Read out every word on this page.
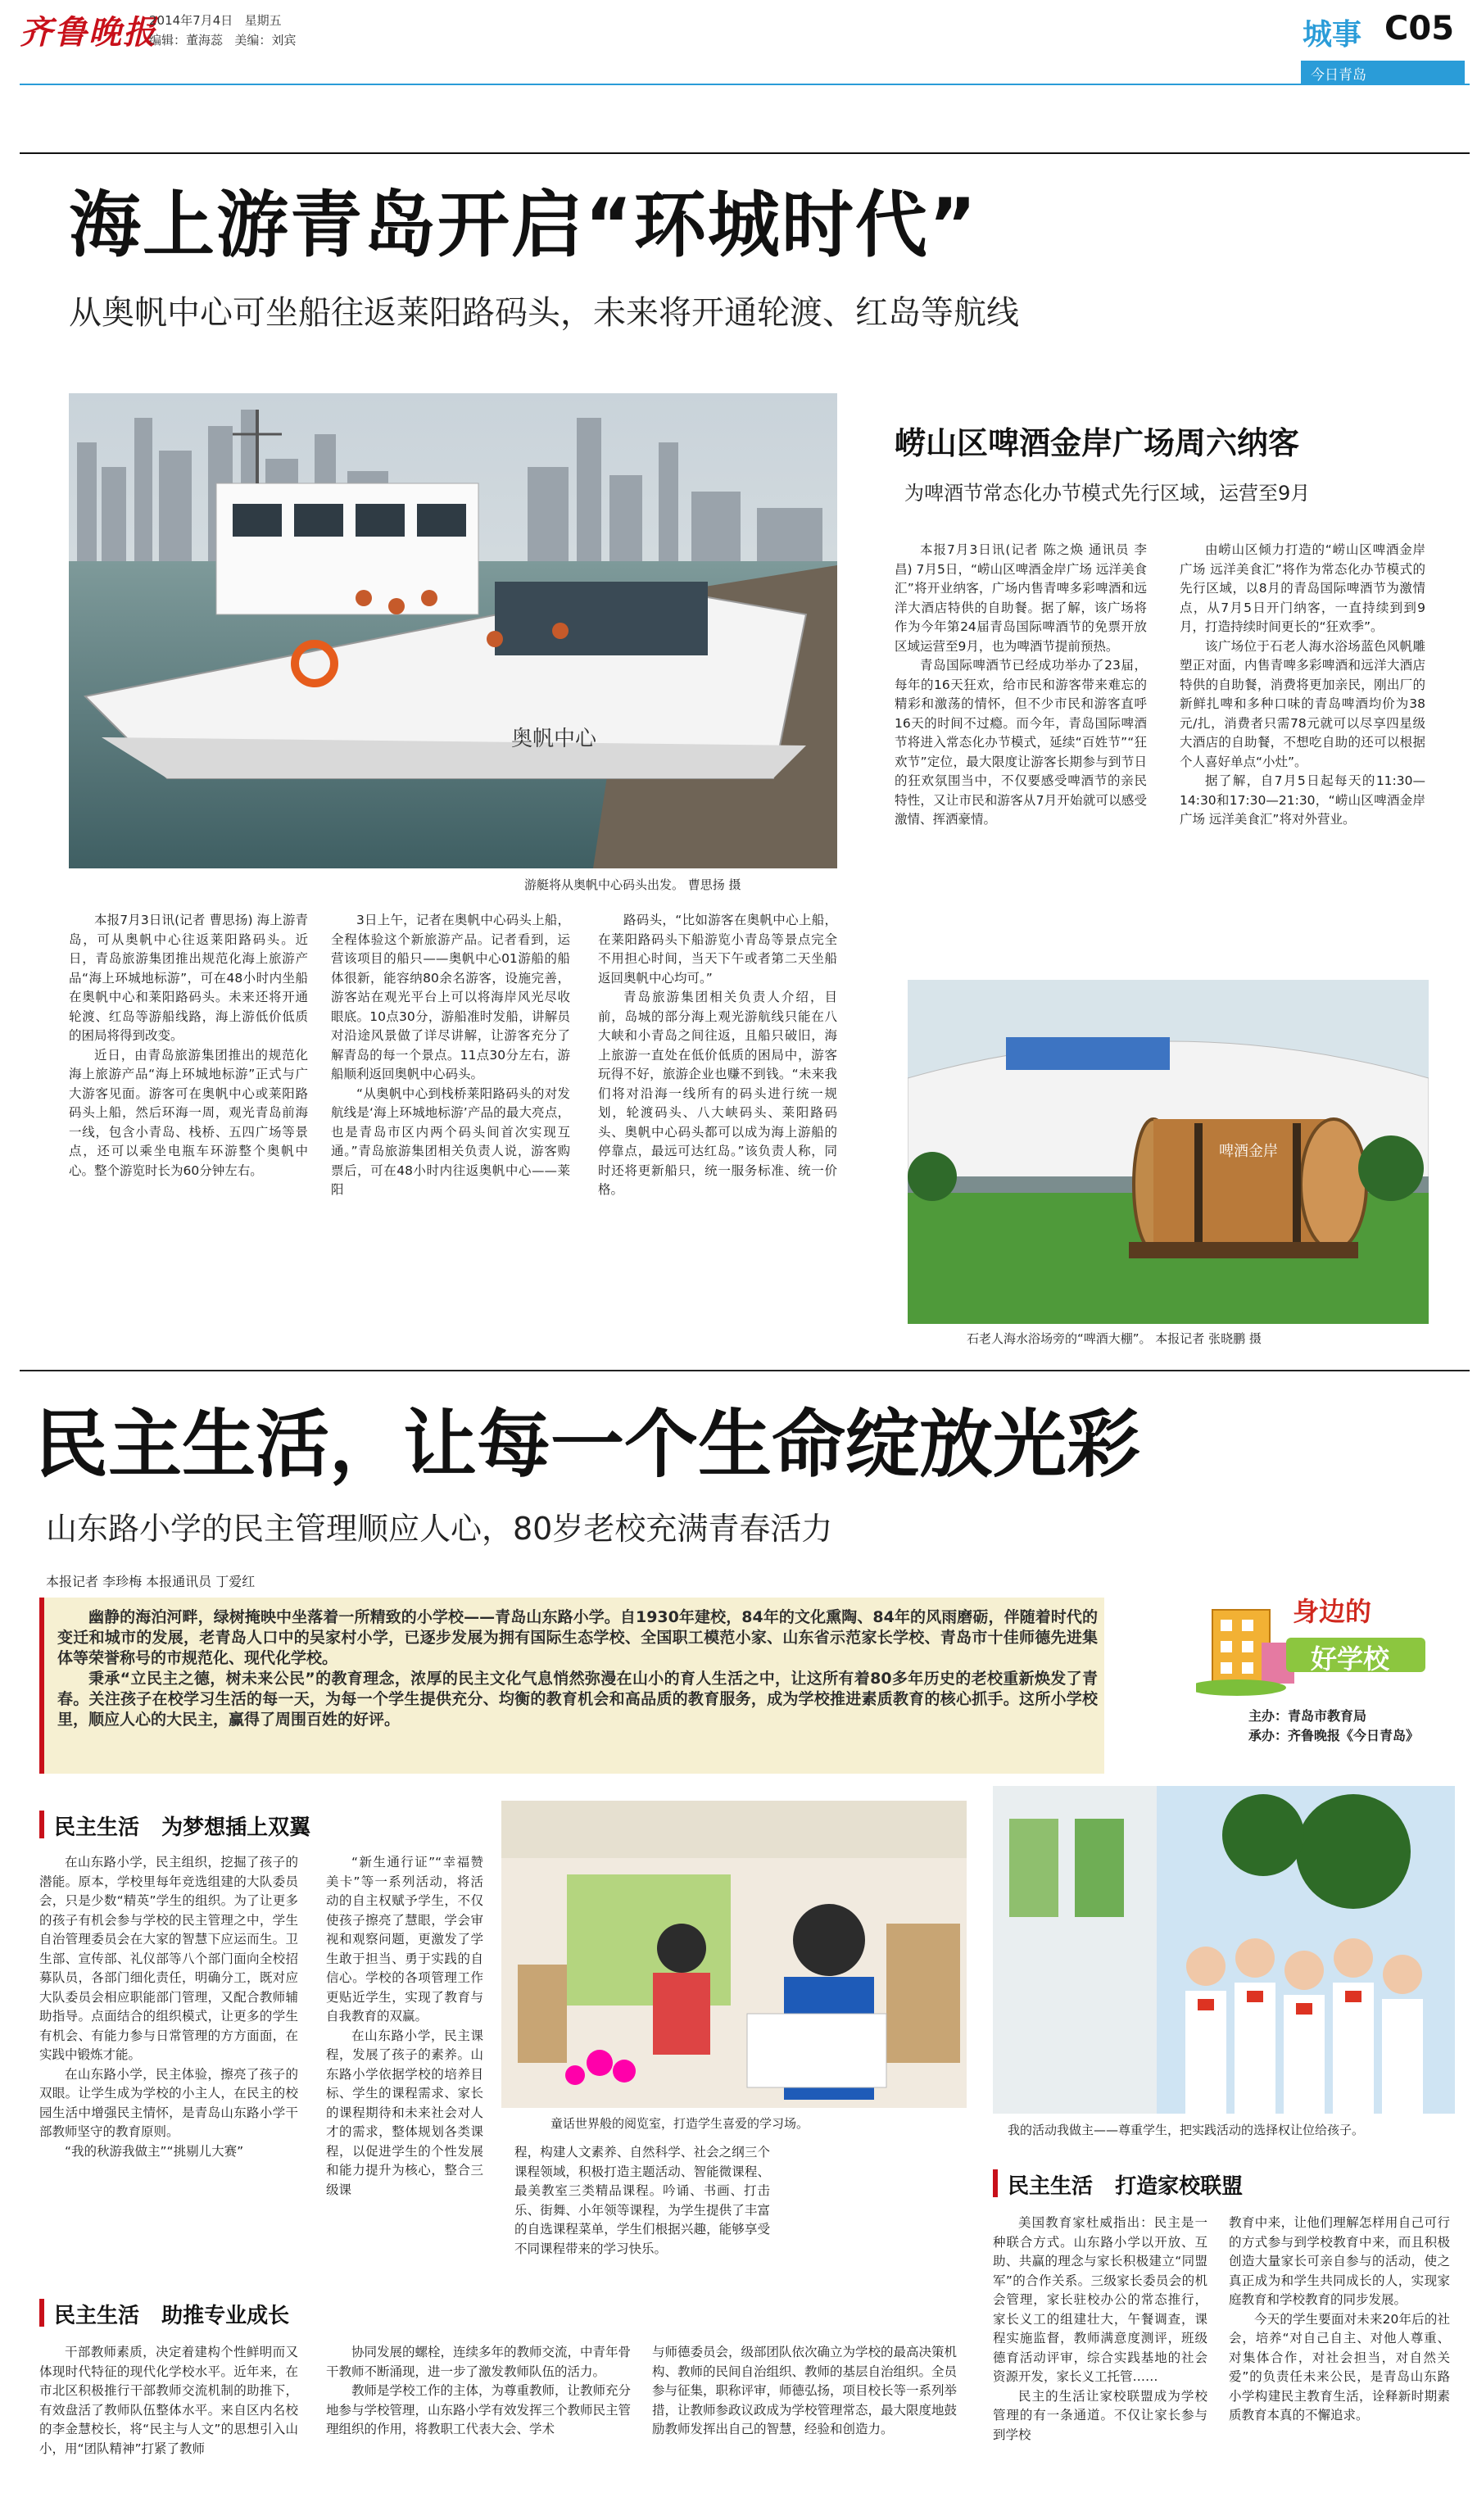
齐鲁晚报
2014年7月4日 星期五
编辑：董海蕊 美编：刘宾	城事 C05
今日青岛
海上游青岛开启“环城时代”
从奥帆中心可坐船往返莱阳路码头，未来将开通轮渡、红岛等航线
奥帆中心
游艇将从奥帆中心码头出发。 曹思扬 摄

本报7月3日讯(记者 曹思扬) 海上游青岛，可从奥帆中心往返莱阳路码头。近日，青岛旅游集团推出规范化海上旅游产品“海上环城地标游”，可在48小时内坐船在奥帆中心和莱阳路码头。未来还将开通轮渡、红岛等游船线路，海上游低价低质的困局将得到改变。

近日，由青岛旅游集团推出的规范化海上旅游产品“海上环城地标游”正式与广大游客见面。游客可在奥帆中心或莱阳路码头上船，然后环海一周，观光青岛前海一线，包含小青岛、栈桥、五四广场等景点，还可以乘坐电瓶车环游整个奥帆中心。整个游览时长为60分钟左右。

3日上午，记者在奥帆中心码头上船，全程体验这个新旅游产品。记者看到，运营该项目的船只——奥帆中心01游船的船体很新，能容纳80余名游客，设施完善，游客站在观光平台上可以将海岸风光尽收眼底。10点30分，游船准时发船，讲解员对沿途风景做了详尽讲解，让游客充分了解青岛的每一个景点。11点30分左右，游船顺利返回奥帆中心码头。

“从奥帆中心到栈桥莱阳路码头的对发航线是‘海上环城地标游’产品的最大亮点，也是青岛市区内两个码头间首次实现互通。”青岛旅游集团相关负责人说，游客购票后，可在48小时内往返奥帆中心——莱阳

路码头，“比如游客在奥帆中心上船，在莱阳路码头下船游览小青岛等景点完全不用担心时间，当天下午或者第二天坐船返回奥帆中心均可。”

青岛旅游集团相关负责人介绍，目前，岛城的部分海上观光游航线只能在八大峡和小青岛之间往返，且船只破旧，海上旅游一直处在低价低质的困局中，游客玩得不好，旅游企业也赚不到钱。“未来我们将对沿海一线所有的码头进行统一规划，轮渡码头、八大峡码头、莱阳路码头、奥帆中心码头都可以成为海上游船的停靠点，最远可达红岛。”该负责人称，同时还将更新船只，统一服务标准、统一价格。

崂山区啤酒金岸广场周六纳客
为啤酒节常态化办节模式先行区域，运营至9月

本报7月3日讯(记者 陈之焕 通讯员 李昌) 7月5日，“崂山区啤酒金岸广场 远洋美食汇”将开业纳客，广场内售青啤多彩啤酒和远洋大酒店特供的自助餐。据了解，该广场将作为今年第24届青岛国际啤酒节的免票开放区域运营至9月，也为啤酒节提前预热。

青岛国际啤酒节已经成功举办了23届，每年的16天狂欢，给市民和游客带来难忘的精彩和激荡的情怀，但不少市民和游客直呼16天的时间不过瘾。而今年，青岛国际啤酒节将进入常态化办节模式，延续“百姓节”“狂欢节”定位，最大限度让游客长期参与到节日的狂欢氛围当中，不仅要感受啤酒节的亲民特性，又让市民和游客从7月开始就可以感受激情、挥洒豪情。

由崂山区倾力打造的“崂山区啤酒金岸广场 远洋美食汇”将作为常态化办节模式的先行区域，以8月的青岛国际啤酒节为激情点，从7月5日开门纳客，一直持续到到9月，打造持续时间更长的“狂欢季”。

该广场位于石老人海水浴场蓝色风帆雕塑正对面，内售青啤多彩啤酒和远洋大酒店特供的自助餐，消费将更加亲民，刚出厂的新鲜扎啤和多种口味的青岛啤酒均价为38元/扎，消费者只需78元就可以尽享四星级大酒店的自助餐，不想吃自助的还可以根据个人喜好单点“小灶”。

据了解，自7月5日起每天的11:30—14:30和17:30—21:30，“崂山区啤酒金岸广场 远洋美食汇”将对外营业。

啤酒金岸
石老人海水浴场旁的“啤酒大棚”。 本报记者 张晓鹏 摄
民主生活，让每一个生命绽放光彩
山东路小学的民主管理顺应人心，80岁老校充满青春活力
本报记者 李珍梅 本报通讯员 丁爱红

幽静的海泊河畔，绿树掩映中坐落着一所精致的小学校——青岛山东路小学。自1930年建校，84年的文化熏陶、84年的风雨磨砺，伴随着时代的变迁和城市的发展，老青岛人口中的吴家村小学，已逐步发展为拥有国际生态学校、全国职工模范小家、山东省示范家长学校、青岛市十佳师德先进集体等荣誉称号的市规范化、现代化学校。

秉承“立民主之德，树未来公民”的教育理念，浓厚的民主文化气息悄然弥漫在山小的育人生活之中，让这所有着80多年历史的老校重新焕发了青春。关注孩子在校学习生活的每一天，为每一个学生提供充分、均衡的教育机会和高品质的教育服务，成为学校推进素质教育的核心抓手。这所小学校里，顺应人心的大民主，赢得了周围百姓的好评。

身边的
好学校
主办：青岛市教育局
承办：齐鲁晚报《今日青岛》
民主生活   为梦想插上双翼

在山东路小学，民主组织，挖掘了孩子的潜能。原本，学校里每年竞选组建的大队委员会，只是少数“精英”学生的组织。为了让更多的孩子有机会参与学校的民主管理之中，学生自治管理委员会在大家的智慧下应运而生。卫生部、宣传部、礼仪部等八个部门面向全校招募队员，各部门细化责任，明确分工，既对应大队委员会相应职能部门管理，又配合教师辅助指导。点面结合的组织模式，让更多的学生有机会、有能力参与日常管理的方方面面，在实践中锻炼才能。

在山东路小学，民主体验，擦亮了孩子的双眼。让学生成为学校的小主人，在民主的校园生活中增强民主情怀，是青岛山东路小学干部教师坚守的教育原则。

“我的秋游我做主”“挑剔儿大赛”

“新生通行证”“幸福赞美卡”等一系列活动，将活动的自主权赋予学生，不仅使孩子擦亮了慧眼，学会审视和观察问题，更激发了学生敢于担当、勇于实践的自信心。学校的各项管理工作更贴近学生，实现了教育与自我教育的双赢。

在山东路小学，民主课程，发展了孩子的素养。山东路小学依据学校的培养目标、学生的课程需求、家长的课程期待和未来社会对人才的需求，整体规划各类课程，以促进学生的个性发展和能力提升为核心，整合三级课

童话世界般的阅览室，打造学生喜爱的学习场。	我的活动我做主——尊重学生，把实践活动的选择权让位给孩子。

程，构建人文素养、自然科学、社会之纲三个课程领域，积极打造主题活动、智能微课程、最美教室三类精品课程。吟诵、书画、打击乐、街舞、小年领等课程，为学生提供了丰富的自选课程菜单，学生们根据兴趣，能够享受不同课程带来的学习快乐。

民主生活   助推专业成长

干部教师素质，决定着建构个性鲜明而又体现时代特征的现代化学校水平。近年来，在市北区积极推行干部教师交流机制的助推下，有效盘活了教师队伍整体水平。来自区内名校的李金慧校长，将“民主与人文”的思想引入山小，用“团队精神”打紧了教师

协同发展的螺栓，连续多年的教师交流，中青年骨干教师不断涌现，进一步了激发教师队伍的活力。

教师是学校工作的主体，为尊重教师，让教师充分地参与学校管理，山东路小学有效发挥三个教师民主管理组织的作用，将教职工代表大会、学术

与师德委员会，级部团队依次确立为学校的最高决策机构、教师的民间自治组织、教师的基层自治组织。全员参与征集，职称评审，师德弘扬，项目校长等一系列举措，让教师参政议政成为学校管理常态，最大限度地鼓励教师发挥出自己的智慧，经验和创造力。

民主生活   打造家校联盟

美国教育家杜威指出：民主是一种联合方式。山东路小学以开放、互助、共赢的理念与家长积极建立“同盟军”的合作关系。三级家长委员会的机会管理，家长驻校办公的常态推行，家长义工的组建壮大，午餐调查，课程实施监督，教师满意度测评，班级德育活动评审，综合实践基地的社会资源开发，家长义工托管……

民主的生活让家校联盟成为学校管理的有一条通道。不仅让家长参与到学校

教育中来，让他们理解怎样用自己可行的方式参与到学校教育中来，而且积极创造大量家长可亲自参与的活动，使之真正成为和学生共同成长的人，实现家庭教育和学校教育的同步发展。

今天的学生要面对未来20年后的社会，培养“对自己自主、对他人尊重、对集体合作，对社会担当，对自然关爱”的负责任未来公民，是青岛山东路小学构建民主教育生活，诠释新时期素质教育本真的不懈追求。
